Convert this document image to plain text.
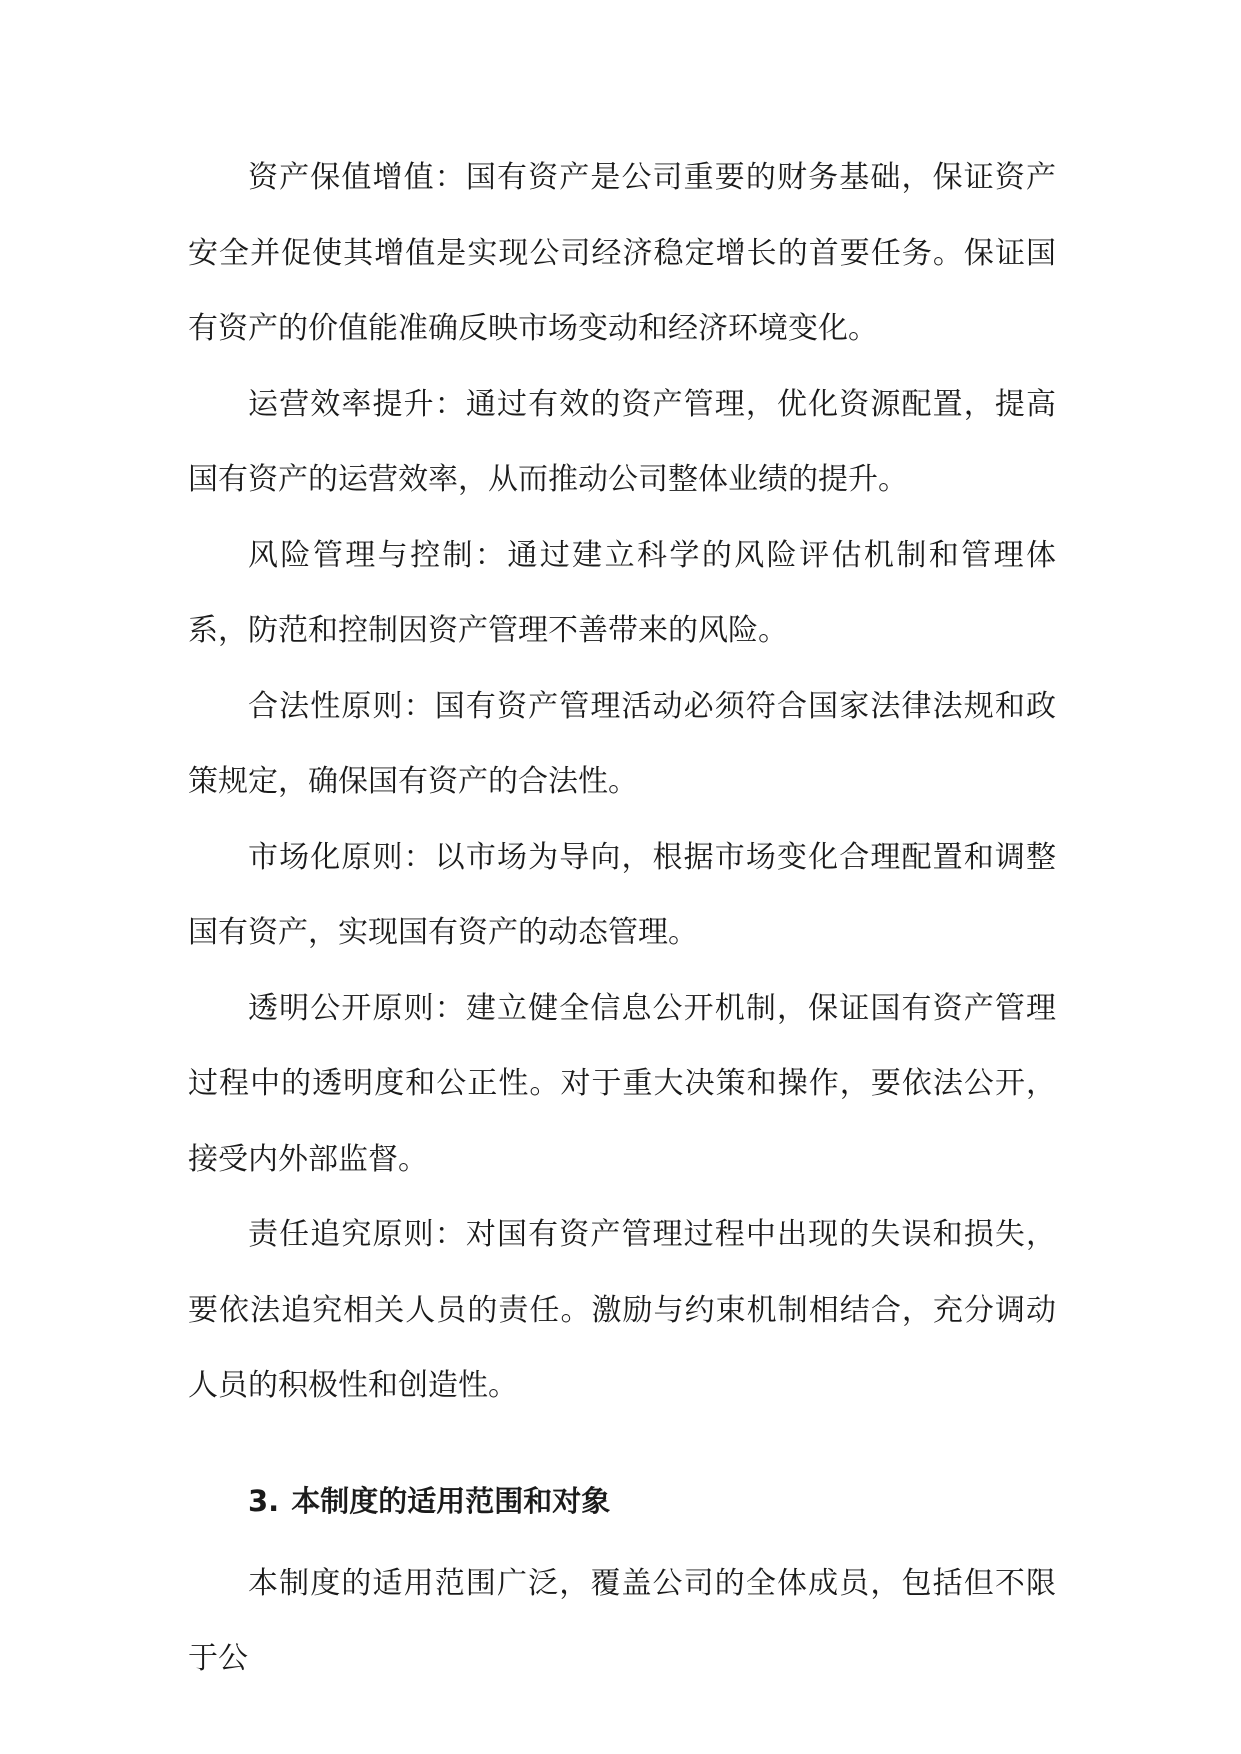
资产保值增值：国有资产是公司重要的财务基础，保证资产安全并促使其增值是实现公司经济稳定增长的首要任务。保证国有资产的价值能准确反映市场变动和经济环境变化。

运营效率提升：通过有效的资产管理，优化资源配置，提高国有资产的运营效率，从而推动公司整体业绩的提升。

风险管理与控制：通过建立科学的风险评估机制和管理体系，防范和控制因资产管理不善带来的风险。

合法性原则：国有资产管理活动必须符合国家法律法规和政策规定，确保国有资产的合法性。

市场化原则：以市场为导向，根据市场变化合理配置和调整国有资产，实现国有资产的动态管理。

透明公开原则：建立健全信息公开机制，保证国有资产管理过程中的透明度和公正性。对于重大决策和操作，要依法公开，接受内外部监督。

责任追究原则：对国有资产管理过程中出现的失误和损失，要依法追究相关人员的责任。激励与约束机制相结合，充分调动人员的积极性和创造性。

3. 本制度的适用范围和对象

本制度的适用范围广泛，覆盖公司的全体成员，包括但不限于公
